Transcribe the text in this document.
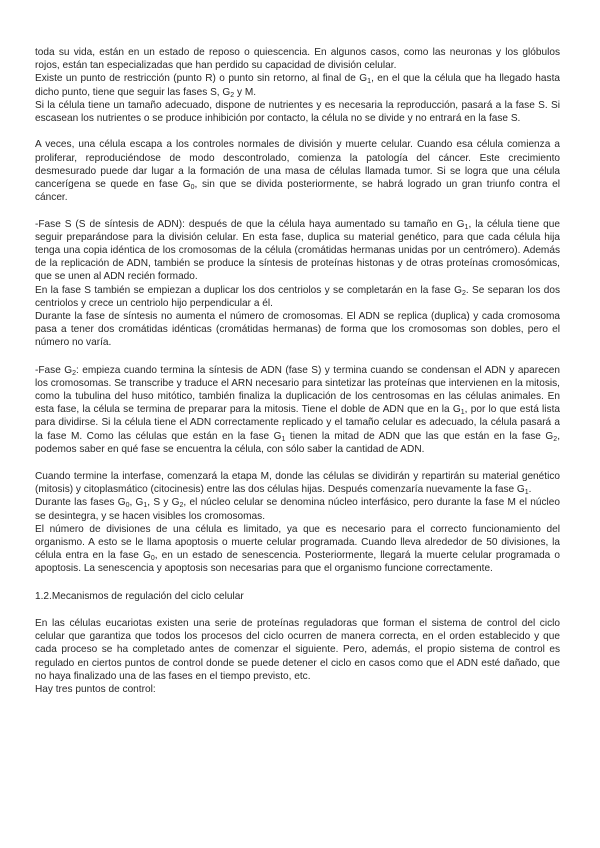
toda su vida, están en un estado de reposo o quiescencia. En algunos casos, como las neuronas y los glóbulos rojos, están tan especializadas que han perdido su capacidad de división celular.

Existe un punto de restricción (punto R) o punto sin retorno, al final de $G_1$, en el que la célula que ha llegado hasta dicho punto, tiene que seguir las fases S, $G_2$ y M.

Si la célula tiene un tamaño adecuado, dispone de nutrientes y es necesaria la reproducción, pasará a la fase S. Si escasean los nutrientes o se produce inhibición por contacto, la célula no se divide y no entrará en la fase S.

A veces, una célula escapa a los controles normales de división y muerte celular. Cuando esa célula comienza a proliferar, reproduciéndose de modo descontrolado, comienza la patología del cáncer. Este crecimiento desmesurado puede dar lugar a la formación de una masa de células llamada tumor. Si se logra que una célula cancerígena se quede en fase $G_0$, sin que se divida posteriormente, se habrá logrado un gran triunfo contra el cáncer.

-Fase S (S de síntesis de ADN): después de que la célula haya aumentado su tamaño en $G_1$, la célula tiene que seguir preparándose para la división celular. En esta fase, duplica su material genético, para que cada célula hija tenga una copia idéntica de los cromosomas de la célula (cromátidas hermanas unidas por un centrómero). Además de la replicación de ADN, también se produce la síntesis de proteínas histonas y de otras proteínas cromosómicas, que se unen al ADN recién formado.

En la fase S también se empiezan a duplicar los dos centriolos y se completarán en la fase $G_2$. Se separan los dos centriolos y crece un centriolo hijo perpendicular a él.

Durante la fase de síntesis no aumenta el número de cromosomas. El ADN se replica (duplica) y cada cromosoma pasa a tener dos cromátidas idénticas (cromátidas hermanas) de forma que los cromosomas son dobles, pero el número no varía.

-Fase $G_2$: empieza cuando termina la síntesis de ADN (fase S) y termina cuando se condensan el ADN y aparecen los cromosomas. Se transcribe y traduce el ARN necesario para sintetizar las proteínas que intervienen en la mitosis, como la tubulina del huso mitótico, también finaliza la duplicación de los centrosomas en las células animales. En esta fase, la célula se termina de preparar para la mitosis. Tiene el doble de ADN que en la $G_1$, por lo que está lista para dividirse. Si la célula tiene el ADN correctamente replicado y el tamaño celular es adecuado, la célula pasará a la fase M. Como las células que están en la fase $G_1$ tienen la mitad de ADN que las que están en la fase $G_2$, podemos saber en qué fase se encuentra la célula, con sólo saber la cantidad de ADN.

Cuando termine la interfase, comenzará la etapa M, donde las células se dividirán y repartirán su material genético (mitosis) y citoplasmático (citocinesis) entre las dos células hijas. Después comenzaría nuevamente la fase $G_1$.

Durante las fases $G_0$, $G_1$, S y $G_2$, el núcleo celular se denomina núcleo interfásico, pero durante la fase M el núcleo se desintegra, y se hacen visibles los cromosomas.

El número de divisiones de una célula es limitado, ya que es necesario para el correcto funcionamiento del organismo. A esto se le llama apoptosis o muerte celular programada. Cuando lleva alrededor de 50 divisiones, la célula entra en la fase $G_0$, en un estado de senescencia. Posteriormente, llegará la muerte celular programada o apoptosis. La senescencia y apoptosis son necesarias para que el organismo funcione correctamente.

1.2.Mecanismos de regulación del ciclo celular

En las células eucariotas existen una serie de proteínas reguladoras que forman el sistema de control del ciclo celular que garantiza que todos los procesos del ciclo ocurren de manera correcta, en el orden establecido y que cada proceso se ha completado antes de comenzar el siguiente. Pero, además, el propio sistema de control es regulado en ciertos puntos de control donde se puede detener el ciclo en casos como que el ADN esté dañado, que no haya finalizado una de las fases en el tiempo previsto, etc.

Hay tres puntos de control:
